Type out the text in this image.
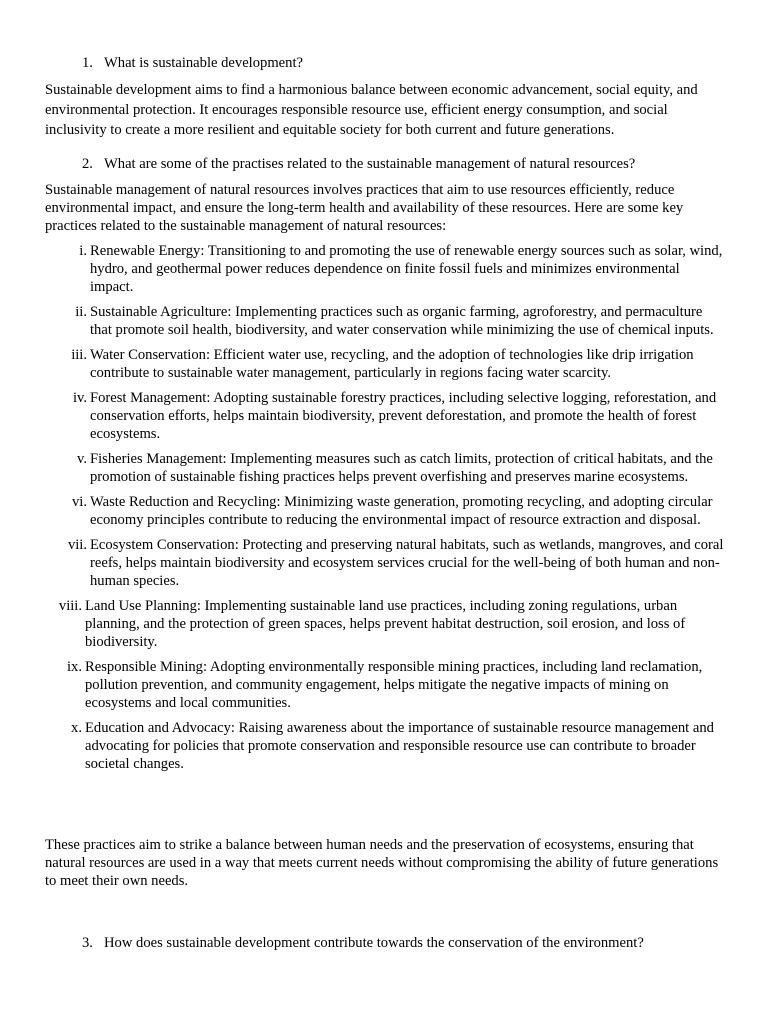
1. What is sustainable development?
Sustainable development aims to find a harmonious balance between economic advancement, social equity, and environmental protection. It encourages responsible resource use, efficient energy consumption, and social inclusivity to create a more resilient and equitable society for both current and future generations.
2. What are some of the practises related to the sustainable management of natural resources?
Sustainable management of natural resources involves practices that aim to use resources efficiently, reduce environmental impact, and ensure the long-term health and availability of these resources. Here are some key practices related to the sustainable management of natural resources:
i. Renewable Energy: Transitioning to and promoting the use of renewable energy sources such as solar, wind, hydro, and geothermal power reduces dependence on finite fossil fuels and minimizes environmental impact.
ii. Sustainable Agriculture: Implementing practices such as organic farming, agroforestry, and permaculture that promote soil health, biodiversity, and water conservation while minimizing the use of chemical inputs.
iii. Water Conservation: Efficient water use, recycling, and the adoption of technologies like drip irrigation contribute to sustainable water management, particularly in regions facing water scarcity.
iv. Forest Management: Adopting sustainable forestry practices, including selective logging, reforestation, and conservation efforts, helps maintain biodiversity, prevent deforestation, and promote the health of forest ecosystems.
v. Fisheries Management: Implementing measures such as catch limits, protection of critical habitats, and the promotion of sustainable fishing practices helps prevent overfishing and preserves marine ecosystems.
vi. Waste Reduction and Recycling: Minimizing waste generation, promoting recycling, and adopting circular economy principles contribute to reducing the environmental impact of resource extraction and disposal.
vii. Ecosystem Conservation: Protecting and preserving natural habitats, such as wetlands, mangroves, and coral reefs, helps maintain biodiversity and ecosystem services crucial for the well-being of both human and non-human species.
viii. Land Use Planning: Implementing sustainable land use practices, including zoning regulations, urban planning, and the protection of green spaces, helps prevent habitat destruction, soil erosion, and loss of biodiversity.
ix. Responsible Mining: Adopting environmentally responsible mining practices, including land reclamation, pollution prevention, and community engagement, helps mitigate the negative impacts of mining on ecosystems and local communities.
x. Education and Advocacy: Raising awareness about the importance of sustainable resource management and advocating for policies that promote conservation and responsible resource use can contribute to broader societal changes.
These practices aim to strike a balance between human needs and the preservation of ecosystems, ensuring that natural resources are used in a way that meets current needs without compromising the ability of future generations to meet their own needs.
3. How does sustainable development contribute towards the conservation of the environment?
